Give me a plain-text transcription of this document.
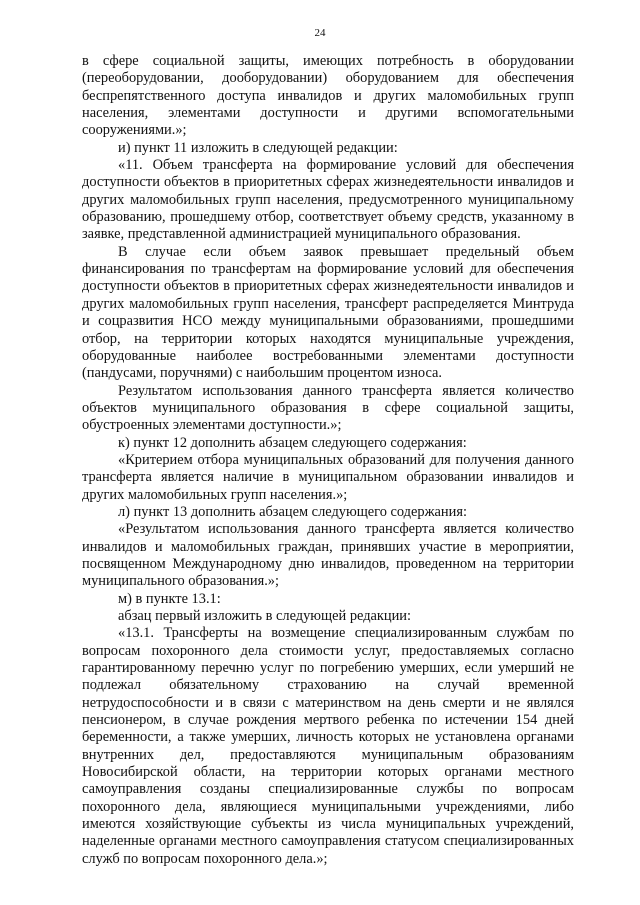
24

в сфере социальной защиты, имеющих потребность в оборудовании (переоборудовании, дооборудовании) оборудованием для обеспечения беспрепятственного доступа инвалидов и других маломобильных групп населения, элементами доступности и другими вспомогательными сооружениями.»;

и) пункт 11 изложить в следующей редакции:

«11. Объем трансферта на формирование условий для обеспечения доступности объектов в приоритетных сферах жизнедеятельности инвалидов и других маломобильных групп населения, предусмотренного муниципальному образованию, прошедшему отбор, соответствует объему средств, указанному в заявке, представленной администрацией муниципального образования.

В случае если объем заявок превышает предельный объем финансирования по трансфертам на формирование условий для обеспечения доступности объектов в приоритетных сферах жизнедеятельности инвалидов и других маломобильных групп населения, трансферт распределяется Минтруда и соцразвития НСО между муниципальными образованиями, прошедшими отбор, на территории которых находятся муниципальные учреждения, оборудованные наиболее востребованными элементами доступности (пандусами, поручнями) с наибольшим процентом износа.

Результатом использования данного трансферта является количество объектов муниципального образования в сфере социальной защиты, обустроенных элементами доступности.»;

к) пункт 12 дополнить абзацем следующего содержания:

«Критерием отбора муниципальных образований для получения данного трансферта является наличие в муниципальном образовании инвалидов и других маломобильных групп населения.»;

л) пункт 13 дополнить абзацем следующего содержания:

«Результатом использования данного трансферта является количество инвалидов и маломобильных граждан, принявших участие в мероприятии, посвященном Международному дню инвалидов, проведенном на территории муниципального образования.»;

м) в пункте 13.1:

абзац первый изложить в следующей редакции:

«13.1. Трансферты на возмещение специализированным службам по вопросам похоронного дела стоимости услуг, предоставляемых согласно гарантированному перечню услуг по погребению умерших, если умерший не подлежал обязательному страхованию на случай временной нетрудоспособности и в связи с материнством на день смерти и не являлся пенсионером, в случае рождения мертвого ребенка по истечении 154 дней беременности, а также умерших, личность которых не установлена органами внутренних дел, предоставляются муниципальным образованиям Новосибирской области, на территории которых органами местного самоуправления созданы специализированные службы по вопросам похоронного дела, являющиеся муниципальными учреждениями, либо имеются хозяйствующие субъекты из числа муниципальных учреждений, наделенные органами местного самоуправления статусом специализированных служб по вопросам похоронного дела.»;
